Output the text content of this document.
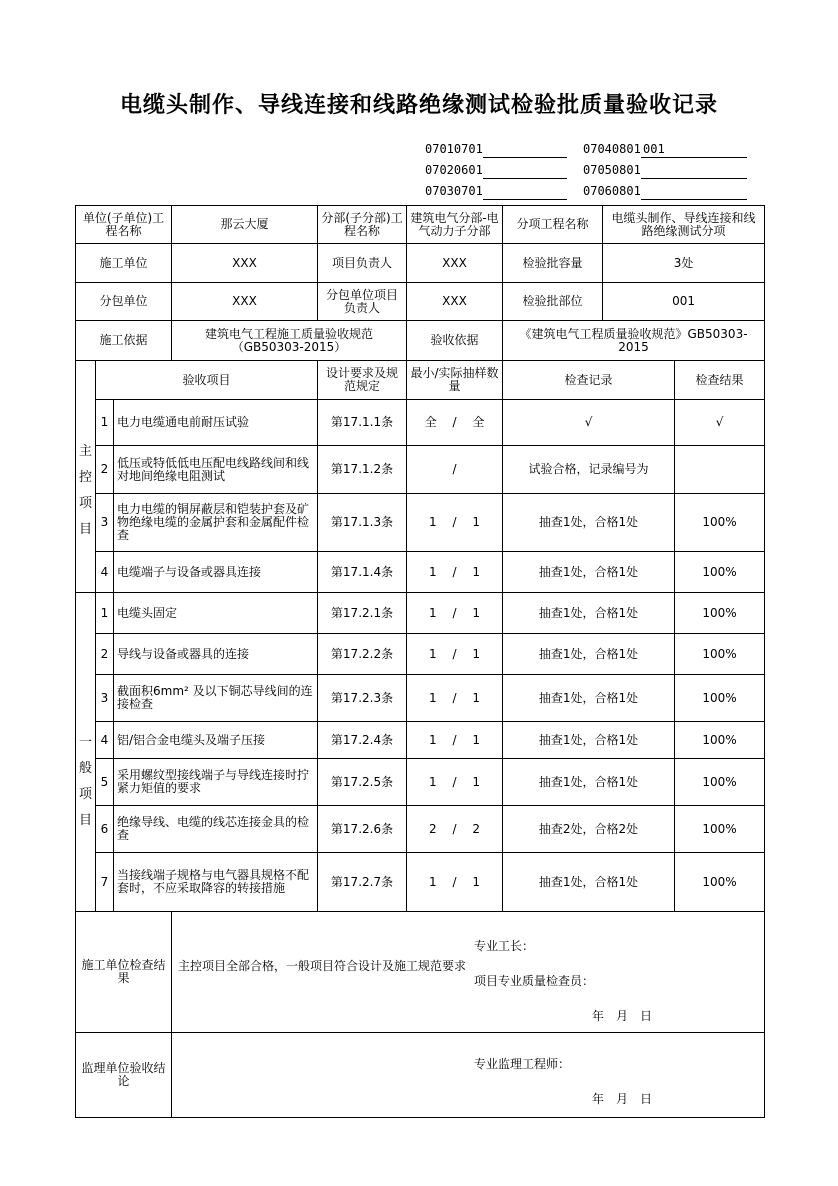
电缆头制作、导线连接和线路绝缘测试检验批质量验收记录
07010701	07040801 001
07020601	07050801
07030701	07060801
单位(子单位)工程名称			那云大厦	分部(子分部)工程名称	建筑电气分部-电气动力子分部	分项工程名称	电缆头制作、导线连接和线路绝缘测试分项	
施工单位			XXX	项目负责人	XXX	检验批容量	3处	
分包单位			XXX	分包单位项目负责人	XXX	检验批部位	001	
施工依据			建筑电气工程施工质量验收规范（GB50303-2015）		验收依据	《建筑电气工程质量验收规范》GB50303-2015		

主
控
项
目	验收项目			设计要求及规范规定	最小/实际抽样数量	检查记录		检查结果
	1	电力电缆通电前耐压试验		第17.1.1条	全　 / 　 全	√		√
	2	低压或特低低电压配电线路线间和线对地间绝缘电阻测试		第17.1.2条	/	试验合格，记录编号为		
	3	电力电缆的铜屏蔽层和铠装护套及矿物绝缘电缆的金属护套和金属配件检查		第17.1.3条	1　 / 　 1	抽查1处，合格1处		100%
	4	电缆端子与设备或器具连接		第17.1.4条	1　 / 　 1	抽查1处，合格1处		100%

一
般
项
目	1	电缆头固定		第17.2.1条	1　 / 　 1	抽查1处，合格1处		100%
	2	导线与设备或器具的连接		第17.2.2条	1　 / 　 1	抽查1处，合格1处		100%
	3	截面积6mm² 及以下铜芯导线间的连接检查		第17.2.3条	1　 / 　 1	抽查1处，合格1处		100%
	4	铝/铝合金电缆头及端子压接		第17.2.4条	1　 / 　 1	抽查1处，合格1处		100%
	5	采用螺纹型接线端子与导线连接时拧紧力矩值的要求		第17.2.5条	1　 / 　 1	抽查1处，合格1处		100%
	6	绝缘导线、电缆的线芯连接金具的检查		第17.2.6条	2　 / 　 2	抽查2处，合格2处		100%
	7	当接线端子规格与电气器具规格不配套时，不应采取降容的转接措施		第17.2.7条	1　 / 　 1	抽查1处，合格1处		100%
施工单位检查结果			主控项目全部合格，一般项目符合设计及施工规范要求
专业工长：
项目专业质量检查员：
年　月　日					

监理单位验收结论			专业监理工程师：
年　月　日					
